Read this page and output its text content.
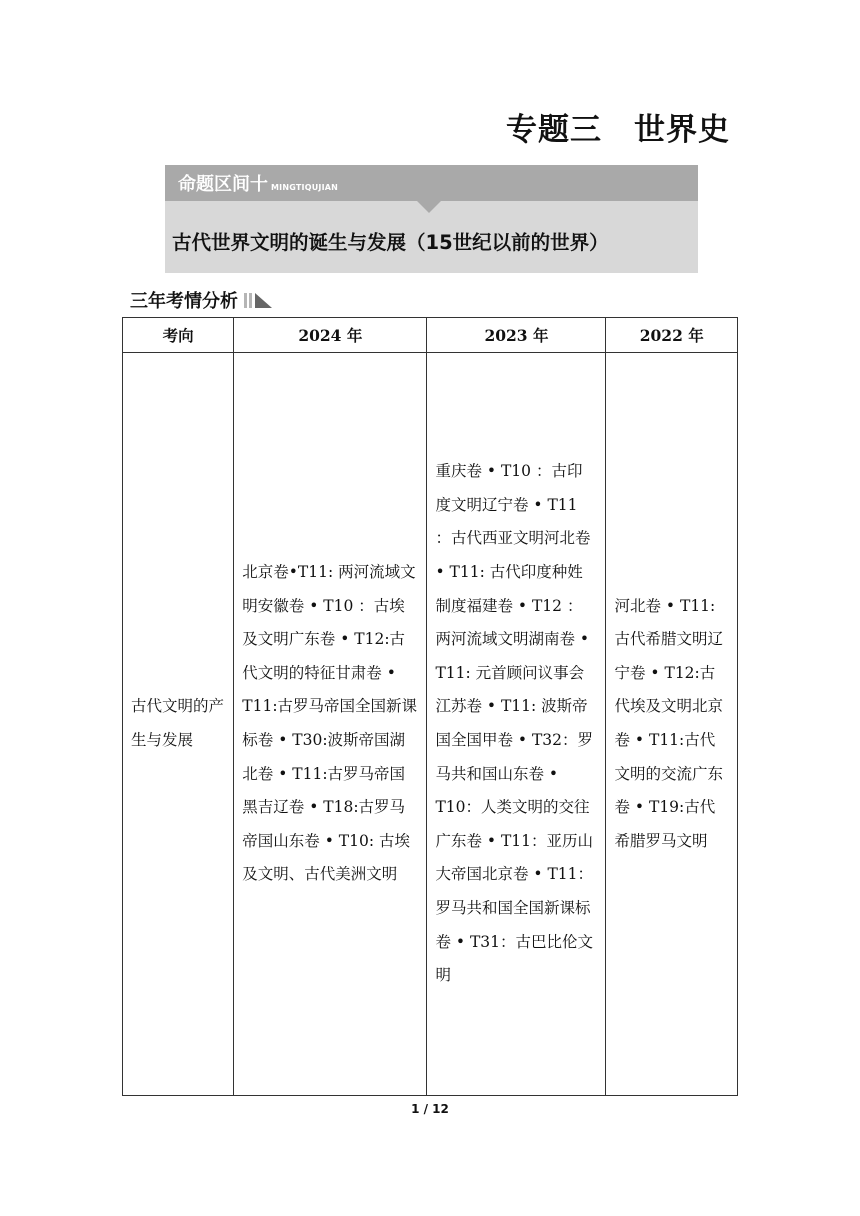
专题三　世界史
命题区间十 MINGTIQUJIAN
古代世界文明的诞生与发展（15世纪以前的世界）
三年考情分析
考向	2024 年	2023 年	2022 年

古代文明的产生与发展	北京卷•T11: 两河流域文明安徽卷 • T10 ：古埃及文明广东卷 • T12:古代文明的特征甘肃卷 • T11:古罗马帝国全国新课标卷 • T30:波斯帝国湖北卷 • T11:古罗马帝国黑吉辽卷 • T18:古罗马帝国山东卷 • T10: 古埃及文明、古代美洲文明	重庆卷 • T10 ：古印度文明辽宁卷 • T11 ：古代西亚文明河北卷 • T11: 古代印度种姓制度福建卷 • T12 ：两河流域文明湖南卷 • T11: 元首顾问议事会江苏卷 • T11: 波斯帝国全国甲卷 • T32：罗马共和国山东卷 • T10：人类文明的交往广东卷 • T11：亚历山大帝国北京卷 • T11：罗马共和国全国新课标卷 • T31：古巴比伦文明	河北卷 • T11:古代希腊文明辽宁卷 • T12:古代埃及文明北京卷 • T11:古代文明的交流广东卷 • T19:古代希腊罗马文明
1 / 12
